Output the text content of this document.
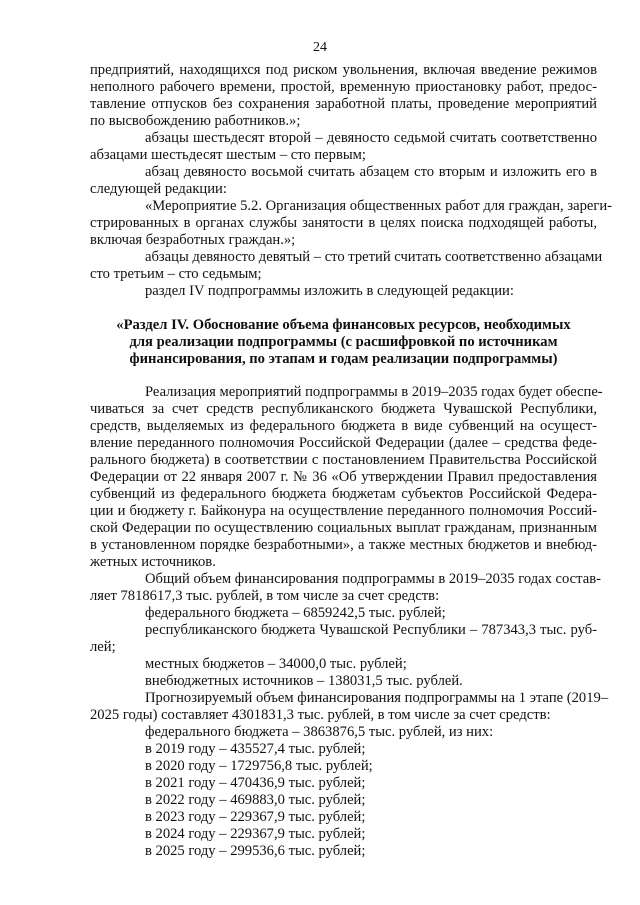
24
предприятий, находящихся под риском увольнения, включая введение режимов
неполного рабочего времени, простой, временную приостановку работ, предос-
тавление отпусков без сохранения заработной платы, проведение мероприятий
по высвобождению работников.»;
абзацы шестьдесят второй – девяносто седьмой считать соответственно
абзацами шестьдесят шестым – сто первым;
абзац девяносто восьмой считать абзацем сто вторым и изложить его в
следующей редакции:
«Мероприятие 5.2. Организация общественных работ для граждан, зареги-
стрированных в органах службы занятости в целях поиска подходящей работы,
включая безработных граждан.»;
абзацы девяносто девятый – сто третий считать соответственно абзацами
сто третьим – сто седьмым;
раздел IV подпрограммы изложить в следующей редакции:
«Раздел IV. Обоснование объема финансовых ресурсов, необходимых
для реализации подпрограммы (с расшифровкой по источникам
финансирования, по этапам и годам реализации подпрограммы)
Реализация мероприятий подпрограммы в 2019–2035 годах будет обеспе-
чиваться за счет средств республиканского бюджета Чувашской Республики,
средств, выделяемых из федерального бюджета в виде субвенций на осущест-
вление переданного полномочия Российской Федерации (далее – средства феде-
рального бюджета) в соответствии с постановлением Правительства Российской
Федерации от 22 января 2007 г. № 36 «Об утверждении Правил предоставления
субвенций из федерального бюджета бюджетам субъектов Российской Федера-
ции и бюджету г. Байконура на осуществление переданного полномочия Россий-
ской Федерации по осуществлению социальных выплат гражданам, признанным
в установленном порядке безработными», а также местных бюджетов и внебюд-
жетных источников.
Общий объем финансирования подпрограммы в 2019–2035 годах состав-
ляет 7818617,3 тыс. рублей, в том числе за счет средств:
федерального бюджета – 6859242,5 тыс. рублей;
республиканского бюджета Чувашской Республики – 787343,3 тыс. руб-
лей;
местных бюджетов – 34000,0 тыс. рублей;
внебюджетных источников – 138031,5 тыс. рублей.
Прогнозируемый объем финансирования подпрограммы на 1 этапе (2019–
2025 годы) составляет 4301831,3 тыс. рублей, в том числе за счет средств:
федерального бюджета – 3863876,5 тыс. рублей, из них:
в 2019 году – 435527,4 тыс. рублей;
в 2020 году – 1729756,8 тыс. рублей;
в 2021 году – 470436,9 тыс. рублей;
в 2022 году – 469883,0 тыс. рублей;
в 2023 году – 229367,9 тыс. рублей;
в 2024 году – 229367,9 тыс. рублей;
в 2025 году – 299536,6 тыс. рублей;
